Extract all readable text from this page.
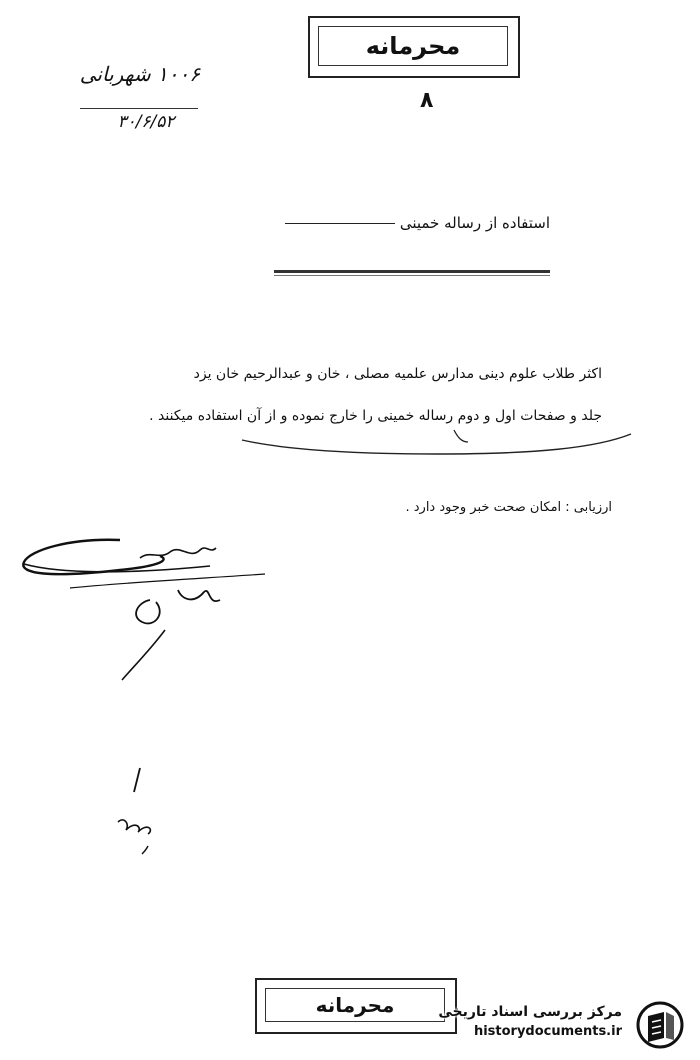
محرمانه
۸
۱۰۰۶ شهربانی
۳۰/۶/۵۲
استفاده از رساله خمینی
اکثر طلاب علوم دینی مدارس علمیه مصلی ، خان و عبدالرحیم خان یزد
جلد و صفحات اول و دوم رساله خمینی را خارج نموده و از آن استفاده میکنند .
ارزیابی : امکان صحت خبر وجود دارد .
محرمانه	مرکز بررسی اسناد تاریخی
historydocuments.ir
